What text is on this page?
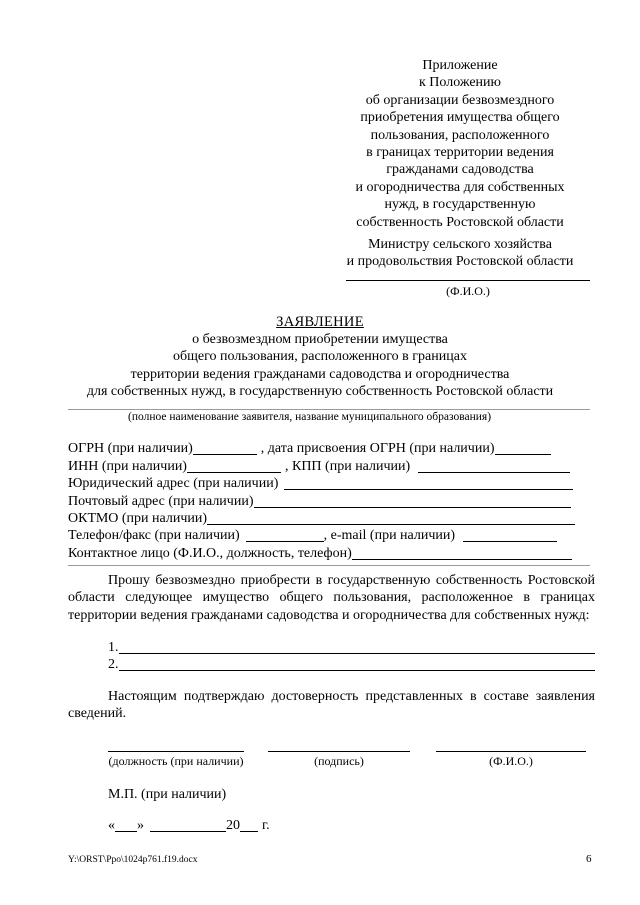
Приложение
к Положению
об организации безвозмездного
приобретения имущества общего
пользования, расположенного
в границах территории ведения
гражданами садоводства
и огородничества для собственных
нужд, в государственную
собственность Ростовской области
Министру сельского хозяйства
и продовольствия Ростовской области
(Ф.И.О.)
ЗАЯВЛЕНИЕ
о безвозмездном приобретении имущества
общего пользования, расположенного в границах
территории ведения гражданами садоводства и огородничества
для собственных нужд, в государственную собственность Ростовской области
(полное наименование заявителя, название муниципального образования)
ОГРН (при наличии)	, дата присвоения ОГРН (при наличии)
ИНН (при наличии)	, КПП (при наличии)
Юридический адрес (при наличии)
Почтовый адрес (при наличии)
ОКТМО (при наличии)
Телефон/факс (при наличии)	, e-mail (при наличии)
Контактное лицо (Ф.И.О., должность, телефон)

Прошу безвозмездно приобрести в государственную собственность Ростовской области следующее имущество общего пользования, расположенное в границах территории ведения гражданами садоводства и огородничества для собственных нужд:

1.
2.

Настоящим подтверждаю достоверность представленных в составе заявления сведений.

(должность (при наличии)	(подпись)	(Ф.И.О.)
М.П. (при наличии)
« »	20 г.
Y:\ORST\Ppo\1024p761.f19.docx	6
